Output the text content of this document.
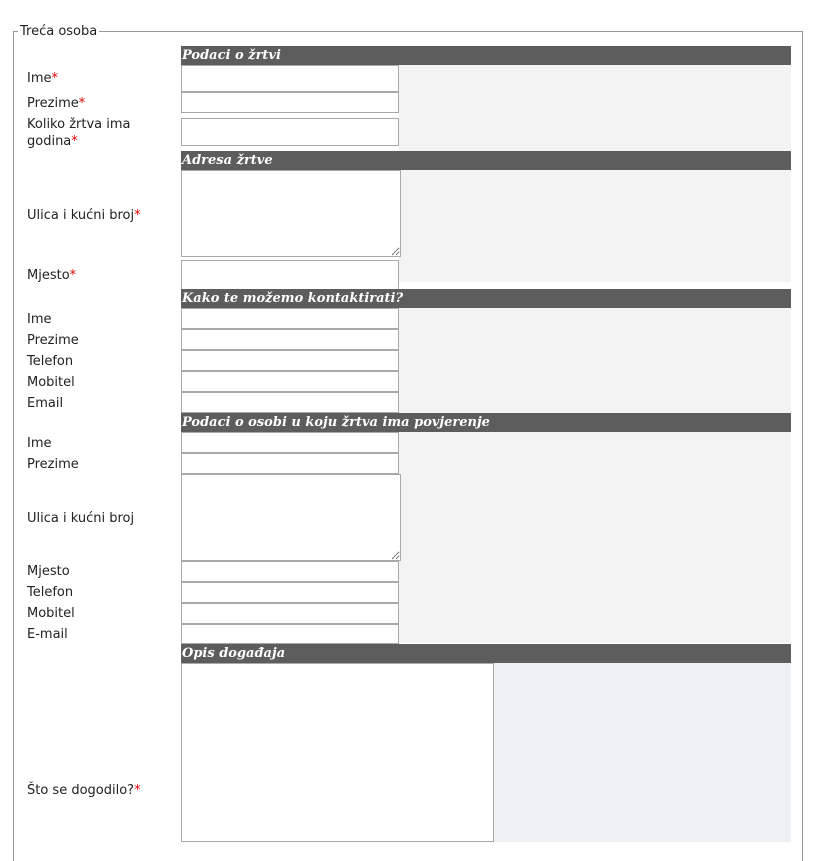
Treća osoba
Podaci o žrtvi
Ime*
Prezime*
Koliko žrtva ima godina*
Adresa žrtve
Ulica i kućni broj*
Mjesto*
Kako te možemo kontaktirati?
Ime
Prezime
Telefon
Mobitel
Email
Podaci o osobi u koju žrtva ima povjerenje
Ime
Prezime
Ulica i kućni broj
Mjesto
Telefon
Mobitel
E-mail
Opis događaja
Što se dogodilo?*
